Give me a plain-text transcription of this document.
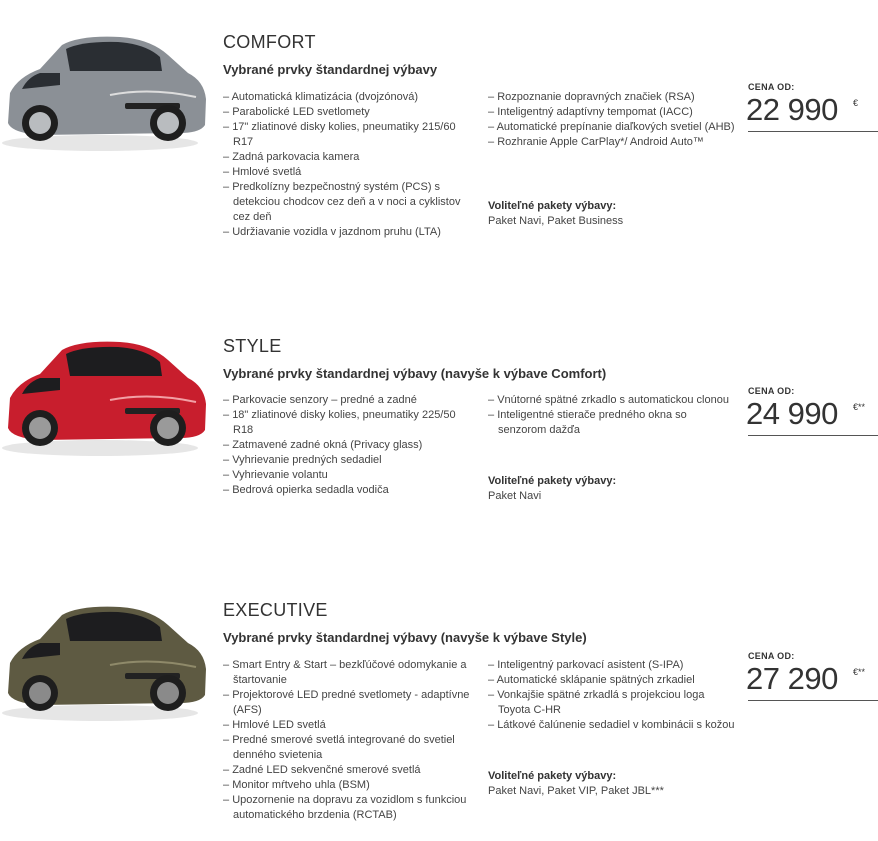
COMFORT
Vybrané prvky štandardnej výbavy
– Automatická klimatizácia (dvojzónová)
– Parabolické LED svetlomety
– 17" zliatinové disky kolies, pneumatiky 215/60 R17
– Zadná parkovacia kamera
– Hmlové svetlá
– Predkolízny bezpečnostný systém (PCS) s detekciou chodcov cez deň a v noci a cyklistov cez deň
– Udržiavanie vozidla v jazdnom pruhu (LTA)
– Rozpoznanie dopravných značiek (RSA)
– Inteligentný adaptívny tempomat (IACC)
– Automatické prepínanie diaľkových svetiel (AHB)
– Rozhranie Apple CarPlay*/ Android Auto™
Voliteľné pakety výbavy:
Paket Navi, Paket Business
CENA OD:
22 990 €
STYLE
Vybrané prvky štandardnej výbavy (navyše k výbave Comfort)
– Parkovacie senzory – predné a zadné
– 18" zliatinové disky kolies, pneumatiky 225/50 R18
– Zatmavené zadné okná (Privacy glass)
– Vyhrievanie predných sedadiel
– Vyhrievanie volantu
– Bedrová opierka sedadla vodiča
– Vnútorné spätné zrkadlo s automatickou clonou
– Inteligentné stierače predného okna so senzorom dažďa
Voliteľné pakety výbavy:
Paket Navi
CENA OD:
24 990 €**
EXECUTIVE
Vybrané prvky štandardnej výbavy (navyše k výbave Style)
– Smart Entry & Start – bezkľúčové odomykanie a štartovanie
– Projektorové LED predné svetlomety - adaptívne (AFS)
– Hmlové LED svetlá
– Predné smerové svetlá integrované do svetiel denného svietenia
– Zadné LED sekvenčné smerové svetlá
– Monitor mŕtveho uhla (BSM)
– Upozornenie na dopravu za vozidlom s funkciou automatického brzdenia (RCTAB)
– Inteligentný parkovací asistent (S-IPA)
– Automatické sklápanie spätných zrkadiel
– Vonkajšie spätné zrkadlá s projekciou loga Toyota C-HR
– Látkové čalúnenie sedadiel v kombinácii s kožou
Voliteľné pakety výbavy:
Paket Navi, Paket VIP, Paket JBL***
CENA OD:
27 290 €**
